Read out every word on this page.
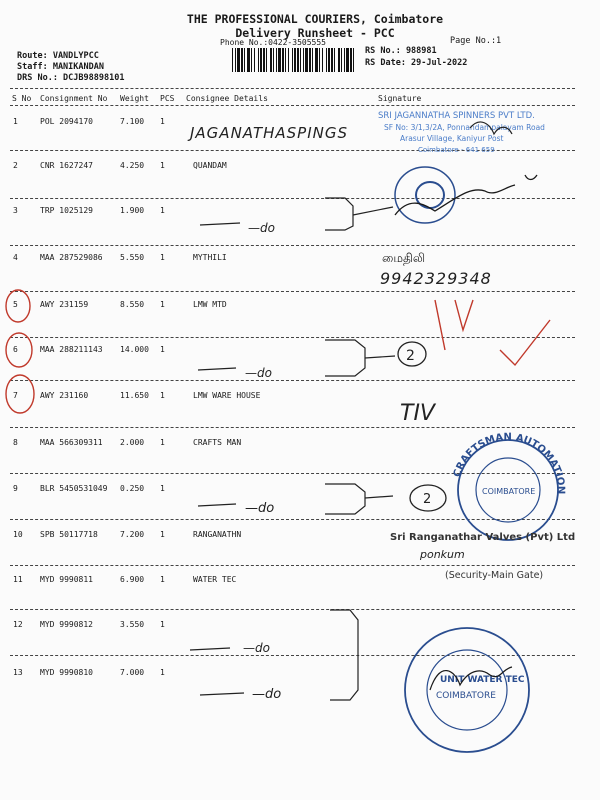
THE PROFESSIONAL COURIERS, Coimbatore
Delivery Runsheet - PCC
Phone No.:0422-3505555	Page No.:1
Route: VANDLYPCC
Staff: MANIKANDAN
DRS No.: DCJB98898101
RS No.: 988981
RS Date: 29-Jul-2022
S No Consignment No Weight PCS Consignee Details	Signature
1	POL 2094170	7.100 1
2	CNR 1627247	4.250 1	QUANDAM
3	TRP 1025129	1.900 1
4	MAA 287529086 5.550 1	MYTHILI
5	AWY 231159	8.550 1	LMW MTD
6	MAA 288211143 14.000 1
7	AWY 231160	11.650 1	LMW WARE HOUSE
8	MAA 566309311 2.000 1	CRAFTS MAN
9	BLR 5450531049 0.250 1
10 SPB 50117718	7.200 1	RANGANATHN
11 MYD 9990811	6.900 1	WATER TEC
12 MYD 9990812	3.550 1
13 MYD 9990810	7.000 1
JAGANATHASPINGS
SRI JAGANNATHA SPINNERS PVT LTD.
SF No: 3/1,3/2A, Ponnandampalayam Road
Arasur Village, Kaniyur Post
Coimbatore - 641 659
—do
மைதிலி
9942329348
—do
2
TIV
CRAFTSMAN AUTOMATION
COIMBATORE
—do
2
Sri Ranganathar Valves (Pvt) Ltd
ponkum
(Security-Main Gate)
—do
—do
UNIT WATER TEC
COIMBATORE
